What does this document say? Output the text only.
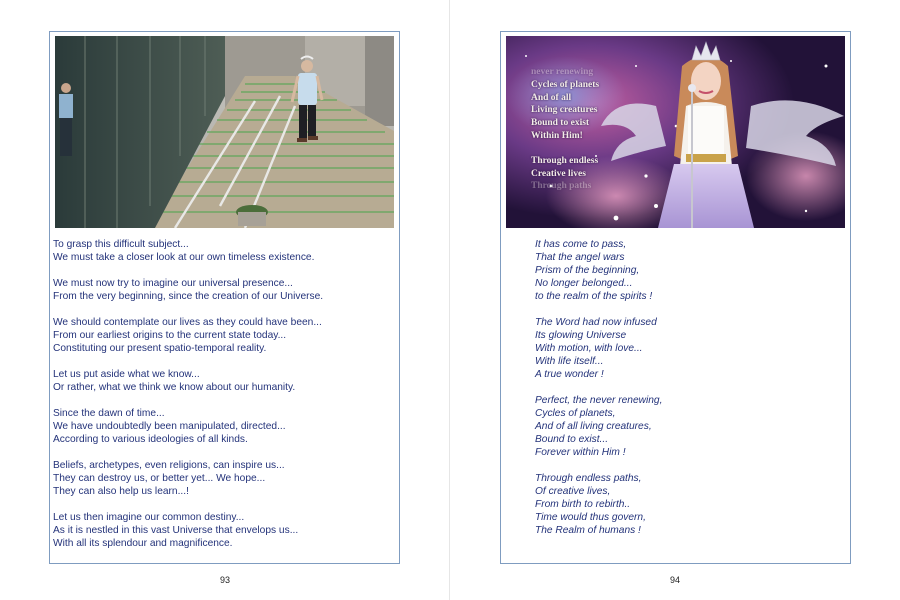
To grasp this difficult subject...
We must take a closer look at our own timeless existence.

We must now try to imagine our universal presence...
From the very beginning, since the creation of our Universe.

We should contemplate our lives as they could have been...
From our earliest origins to the current state today...
Constituting our present spatio-temporal reality.

Let us put aside what we know...
Or rather, what we think we know about our humanity.

Since the dawn of time...
We have undoubtedly been manipulated, directed...
According to various ideologies of all kinds.

Beliefs, archetypes, even religions, can inspire us...
They can destroy us, or better yet... We hope...
They can also help us learn...!

Let us then imagine our common destiny...
As it is nestled in this vast Universe that envelops us...
With all its splendour and magnificence.

93
never renewing
Cycles of planets
And of all
Living creatures
Bound to exist
Within Him!
Through endless
Creative lives
Through paths

It has come to pass,
That the angel wars
Prism of the beginning,
No longer belonged...
to the realm of the spirits !

The Word had now infused
Its glowing Universe
With motion, with love...
With life itself...
A true wonder !

Perfect, the never renewing,
Cycles of planets,
And of all living creatures,
Bound to exist...
Forever within Him !

Through endless paths,
Of creative lives,
From birth to rebirth..
Time would thus govern,
The Realm of humans !

94
